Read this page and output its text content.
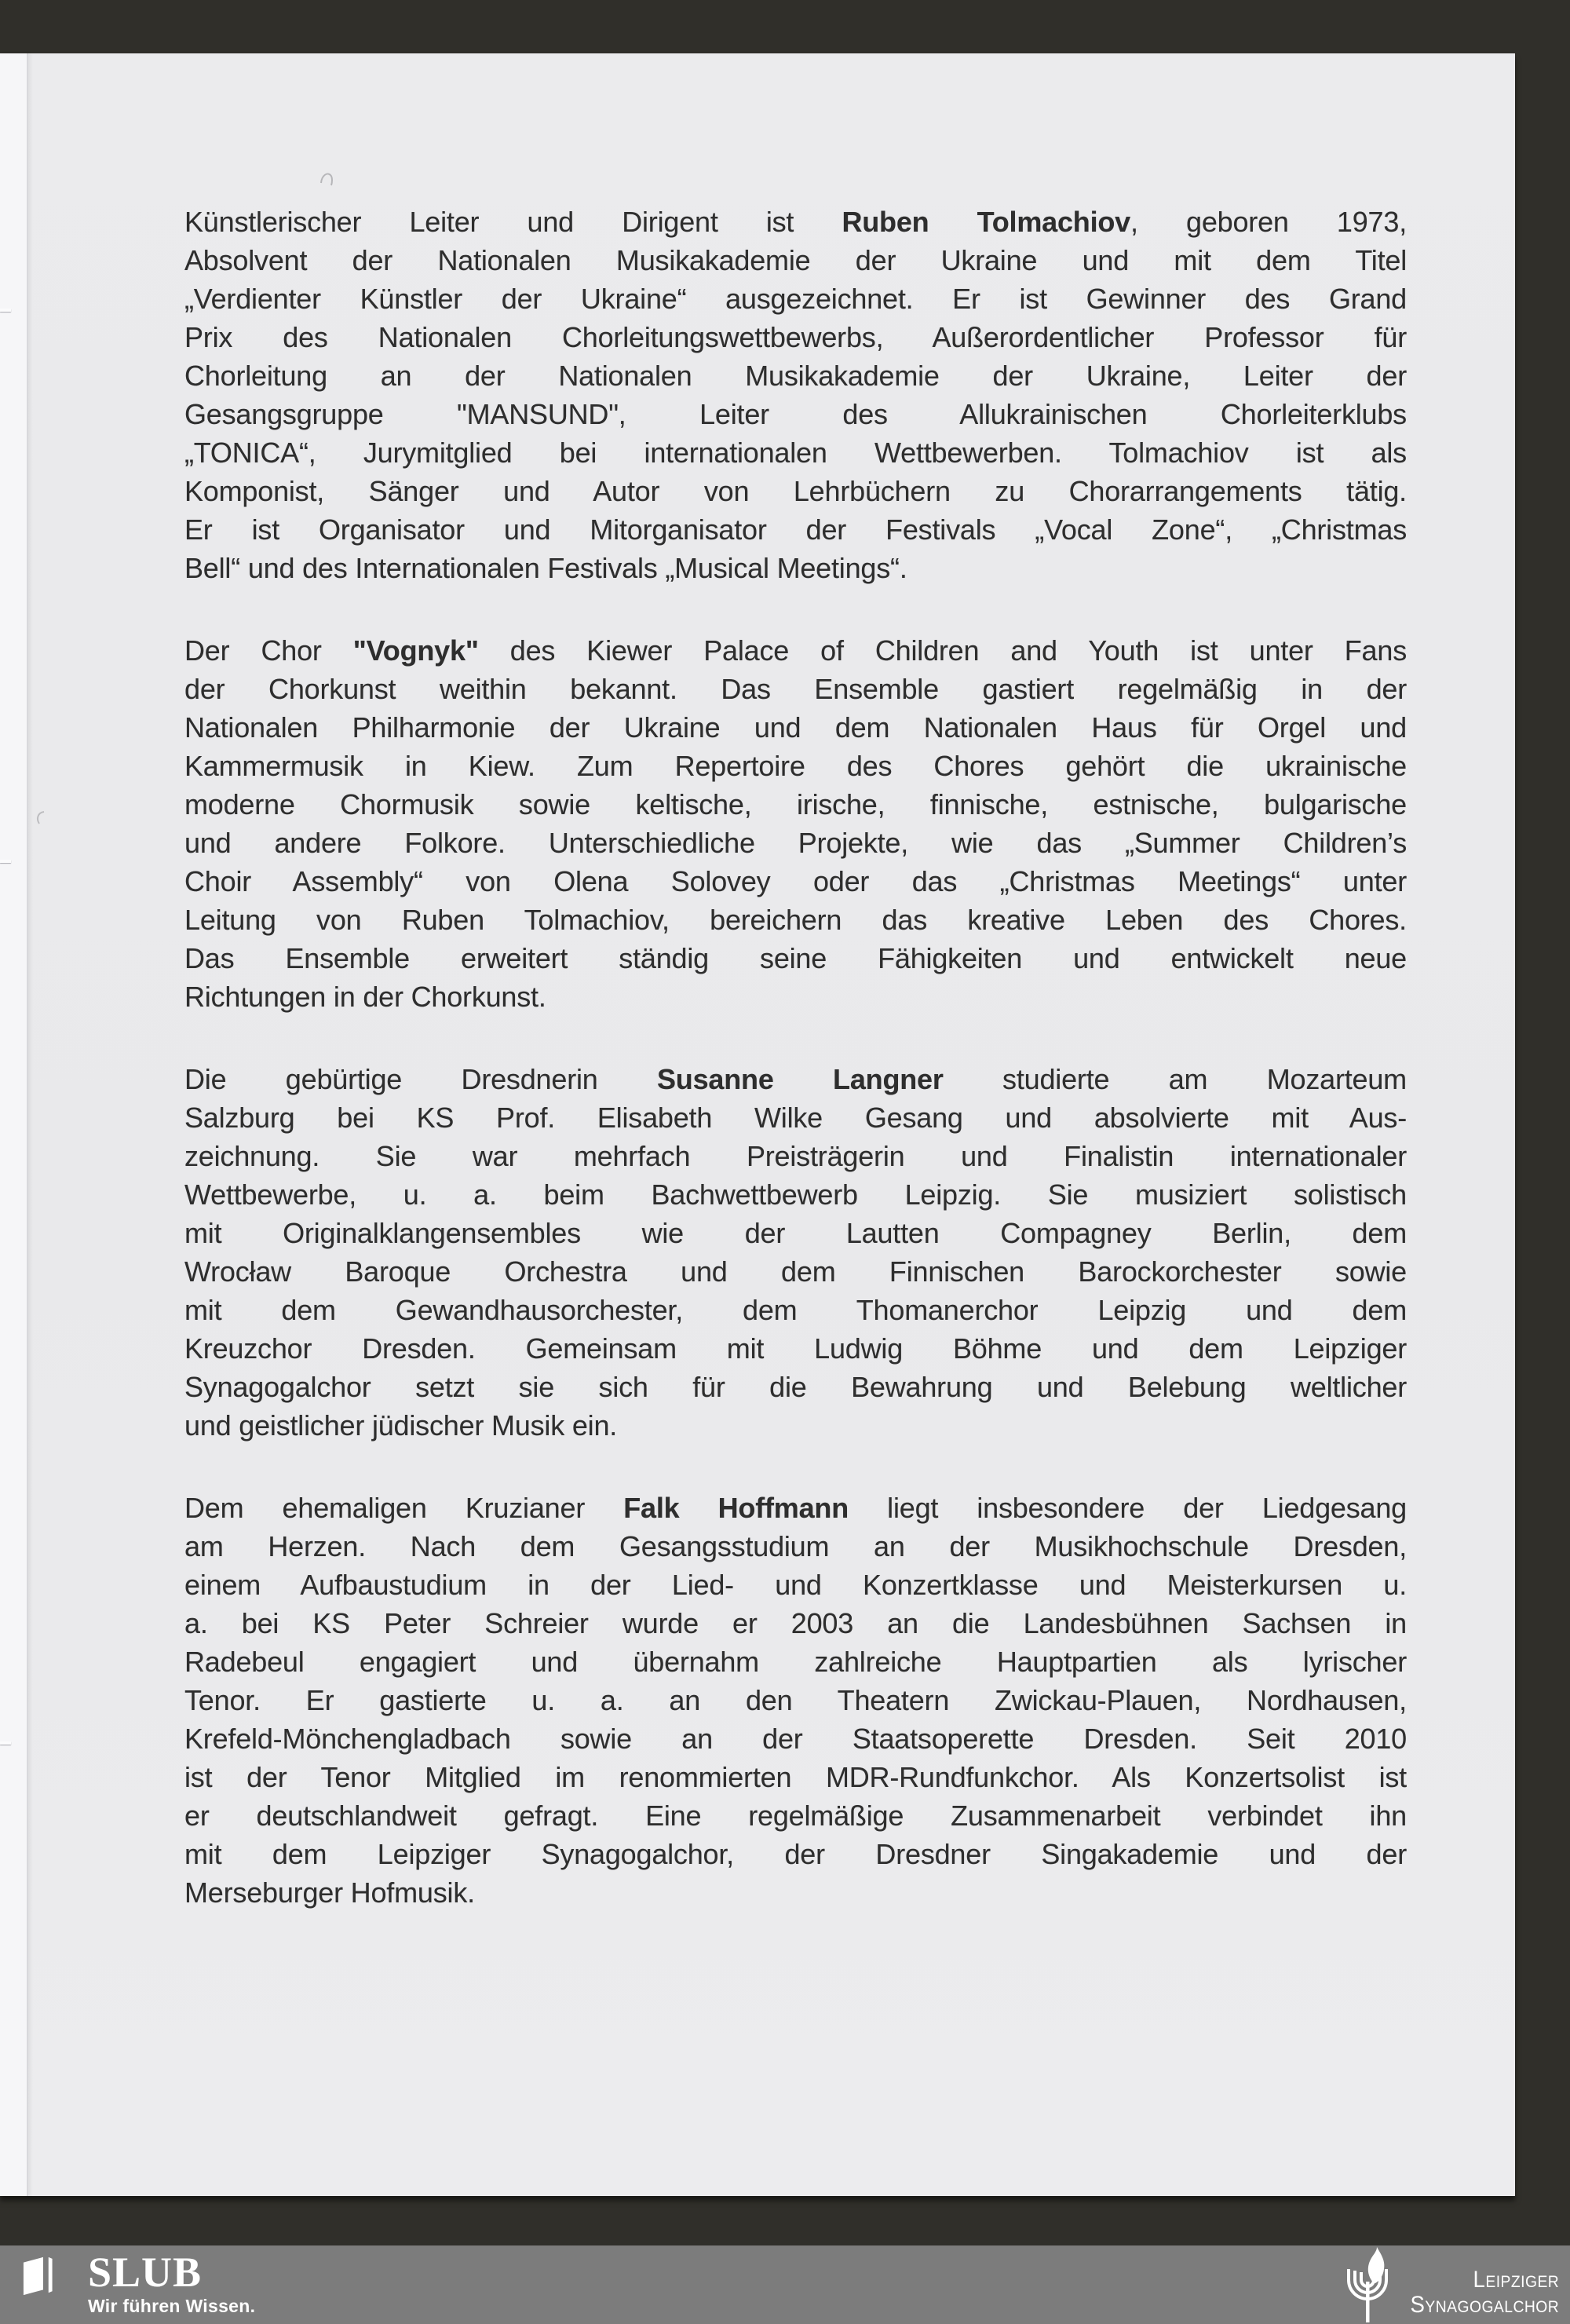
Künstlerischer Leiter und Dirigent ist Ruben Tolmachiov, geboren 1973,
Absolvent der Nationalen Musikakademie der Ukraine und mit dem Titel
„Verdienter Künstler der Ukraine“ ausgezeichnet. Er ist Gewinner des Grand
Prix des Nationalen Chorleitungswettbewerbs, Außerordentlicher Professor für
Chorleitung an der Nationalen Musikakademie der Ukraine, Leiter der
Gesangsgruppe "MANSUND", Leiter des Allukrainischen Chorleiterklubs
„TONICA“, Jurymitglied bei internationalen Wettbewerben. Tolmachiov ist als
Komponist, Sänger und Autor von Lehrbüchern zu Chorarrangements tätig.
Er ist Organisator und Mitorganisator der Festivals „Vocal Zone“, „Christmas
Bell“ und des Internationalen Festivals „Musical Meetings“.
Der Chor "Vognyk" des Kiewer Palace of Children and Youth ist unter Fans
der Chorkunst weithin bekannt. Das Ensemble gastiert regelmäßig in der
Nationalen Philharmonie der Ukraine und dem Nationalen Haus für Orgel und
Kammermusik in Kiew. Zum Repertoire des Chores gehört die ukrainische
moderne Chormusik sowie keltische, irische, finnische, estnische, bulgarische
und andere Folkore. Unterschiedliche Projekte, wie das „Summer Children’s
Choir Assembly“ von Olena Solovey oder das „Christmas Meetings“ unter
Leitung von Ruben Tolmachiov, bereichern das kreative Leben des Chores.
Das Ensemble erweitert ständig seine Fähigkeiten und entwickelt neue
Richtungen in der Chorkunst.
Die gebürtige Dresdnerin Susanne Langner studierte am Mozarteum
Salzburg bei KS Prof. Elisabeth Wilke Gesang und absolvierte mit Aus-
zeichnung. Sie war mehrfach Preisträgerin und Finalistin internationaler
Wettbewerbe, u. a. beim Bachwettbewerb Leipzig. Sie musiziert solistisch
mit Originalklangensembles wie der Lautten Compagney Berlin, dem
Wrocław Baroque Orchestra und dem Finnischen Barockorchester sowie
mit dem Gewandhausorchester, dem Thomanerchor Leipzig und dem
Kreuzchor Dresden. Gemeinsam mit Ludwig Böhme und dem Leipziger
Synagogalchor setzt sie sich für die Bewahrung und Belebung weltlicher
und geistlicher jüdischer Musik ein.
Dem ehemaligen Kruzianer Falk Hoffmann liegt insbesondere der Liedgesang
am Herzen. Nach dem Gesangsstudium an der Musikhochschule Dresden,
einem Aufbaustudium in der Lied- und Konzertklasse und Meisterkursen u.
a. bei KS Peter Schreier wurde er 2003 an die Landesbühnen Sachsen in
Radebeul engagiert und übernahm zahlreiche Hauptpartien als lyrischer
Tenor. Er gastierte u. a. an den Theatern Zwickau-Plauen, Nordhausen,
Krefeld-Mönchengladbach sowie an der Staatsoperette Dresden. Seit 2010
ist der Tenor Mitglied im renommierten MDR-Rundfunkchor. Als Konzertsolist ist
er deutschlandweit gefragt. Eine regelmäßige Zusammenarbeit verbindet ihn
mit dem Leipziger Synagogalchor, der Dresdner Singakademie und der
Merseburger Hofmusik.
SLUB
Wir führen Wissen.
Leipziger
Synagogalchor
